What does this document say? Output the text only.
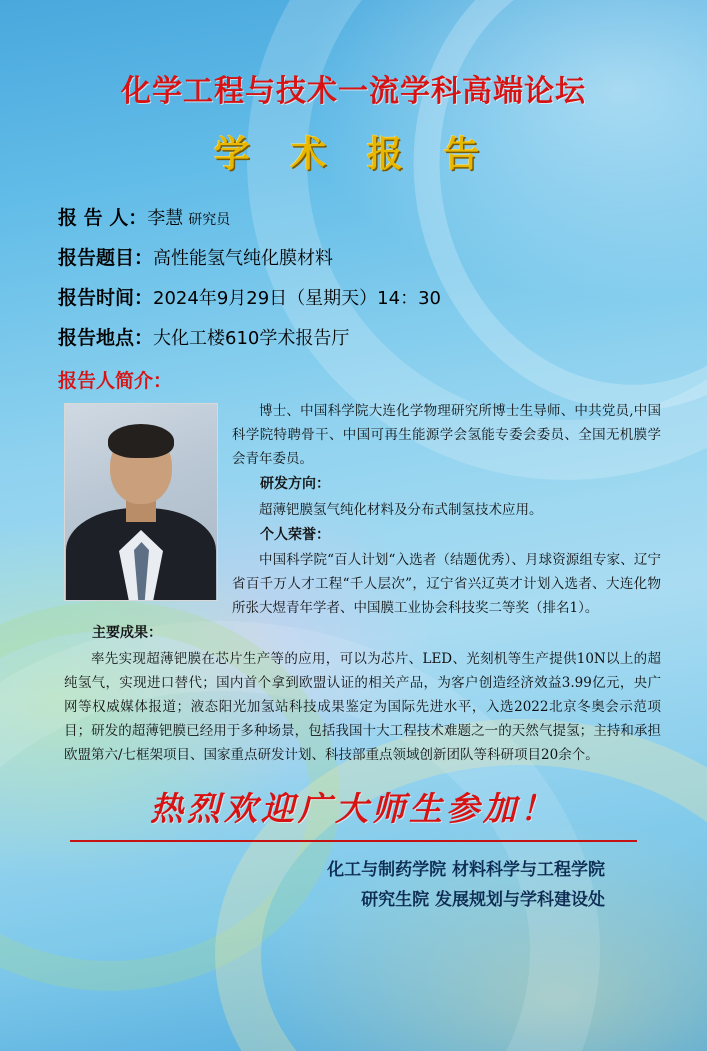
化学工程与技术一流学科高端论坛
学 术 报 告
报 告 人： 李慧 研究员
报告题目： 高性能氢气纯化膜材料
报告时间： 2024年9月29日（星期天）14：30
报告地点： 大化工楼610学术报告厅
报告人简介：
博士、中国科学院大连化学物理研究所博士生导师、中共党员,中国科学院特聘骨干、中国可再生能源学会氢能专委会委员、全国无机膜学会青年委员。
研发方向：
超薄钯膜氢气纯化材料及分布式制氢技术应用。
个人荣誉：
中国科学院“百人计划“入选者（结题优秀）、月球资源组专家、辽宁省百千万人才工程“千人层次”，辽宁省兴辽英才计划入选者、大连化物所张大煜青年学者、中国膜工业协会科技奖二等奖（排名1）。
主要成果：
率先实现超薄钯膜在芯片生产等的应用，可以为芯片、LED、光刻机等生产提供10N以上的超纯氢气，实现进口替代；国内首个拿到欧盟认证的相关产品，为客户创造经济效益3.99亿元，央广网等权威媒体报道；液态阳光加氢站科技成果鉴定为国际先进水平，入选2022北京冬奥会示范项目；研发的超薄钯膜已经用于多种场景，包括我国十大工程技术难题之一的天然气提氢；主持和承担欧盟第六/七框架项目、国家重点研发计划、科技部重点领域创新团队等科研项目20余个。
热烈欢迎广大师生参加！
化工与制药学院 材料科学与工程学院
研究生院 发展规划与学科建设处
